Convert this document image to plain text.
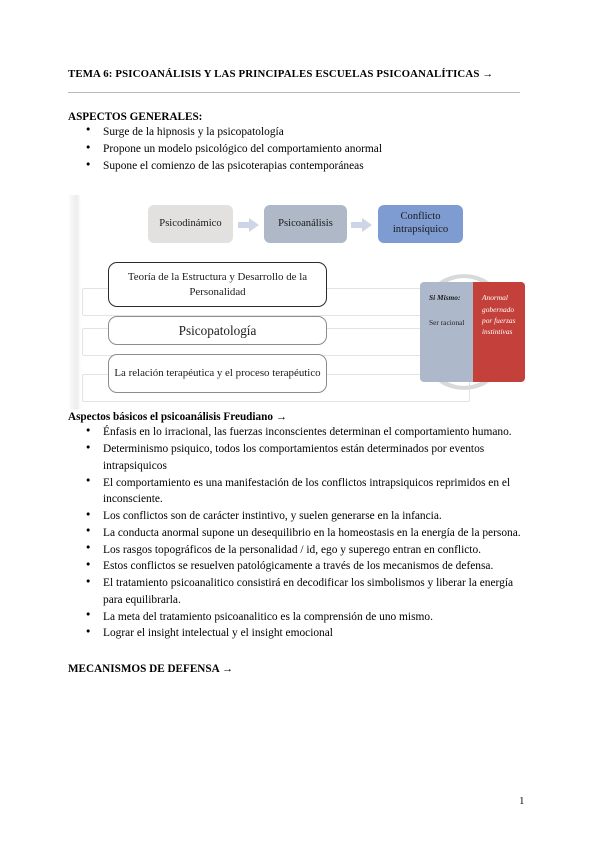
TEMA 6: PSICOANÁLISIS Y LAS PRINCIPALES ESCUELAS PSICOANALÍTICAS →
ASPECTOS GENERALES:
● Surge de la hipnosis y la psicopatología
● Propone un modelo psicológico del comportamiento anormal
● Supone el comienzo de las psicoterapias contemporáneas
Psicodinámico	Psicoanálisis
Conflicto intrapsíquico
Teoría de la Estructura y Desarrollo de la Personalidad
Psicopatología
La relación terapéutica y el proceso terapéutico
Si Mismo:
Ser racional
Anormal gobernado por fuerzas instintivas
Aspectos básicos el psicoanálisis Freudiano →
● Énfasis en lo irracional, las fuerzas inconscientes determinan el comportamiento humano.
● Determinismo psiquico, todos los comportamientos están determinados por eventos intrapsiquicos
● El comportamiento es una manifestación de los conflictos intrapsiquicos reprimidos en el inconsciente.
● Los conflictos son de carácter instintivo, y suelen generarse en la infancia.
● La conducta anormal supone un desequilibrio en la homeostasis en la energía de la persona.
● Los rasgos topográficos de la personalidad / id, ego y superego entran en conflicto.
● Estos conflictos se resuelven patológicamente a través de los mecanismos de defensa.
● El tratamiento psicoanalitico consistirá en decodificar los simbolismos y liberar la energía para equilibrarla.
● La meta del tratamiento psicoanalitico es la comprensión de uno mismo.
● Lograr el insight intelectual y el insight emocional
MECANISMOS DE DEFENSA →
1
